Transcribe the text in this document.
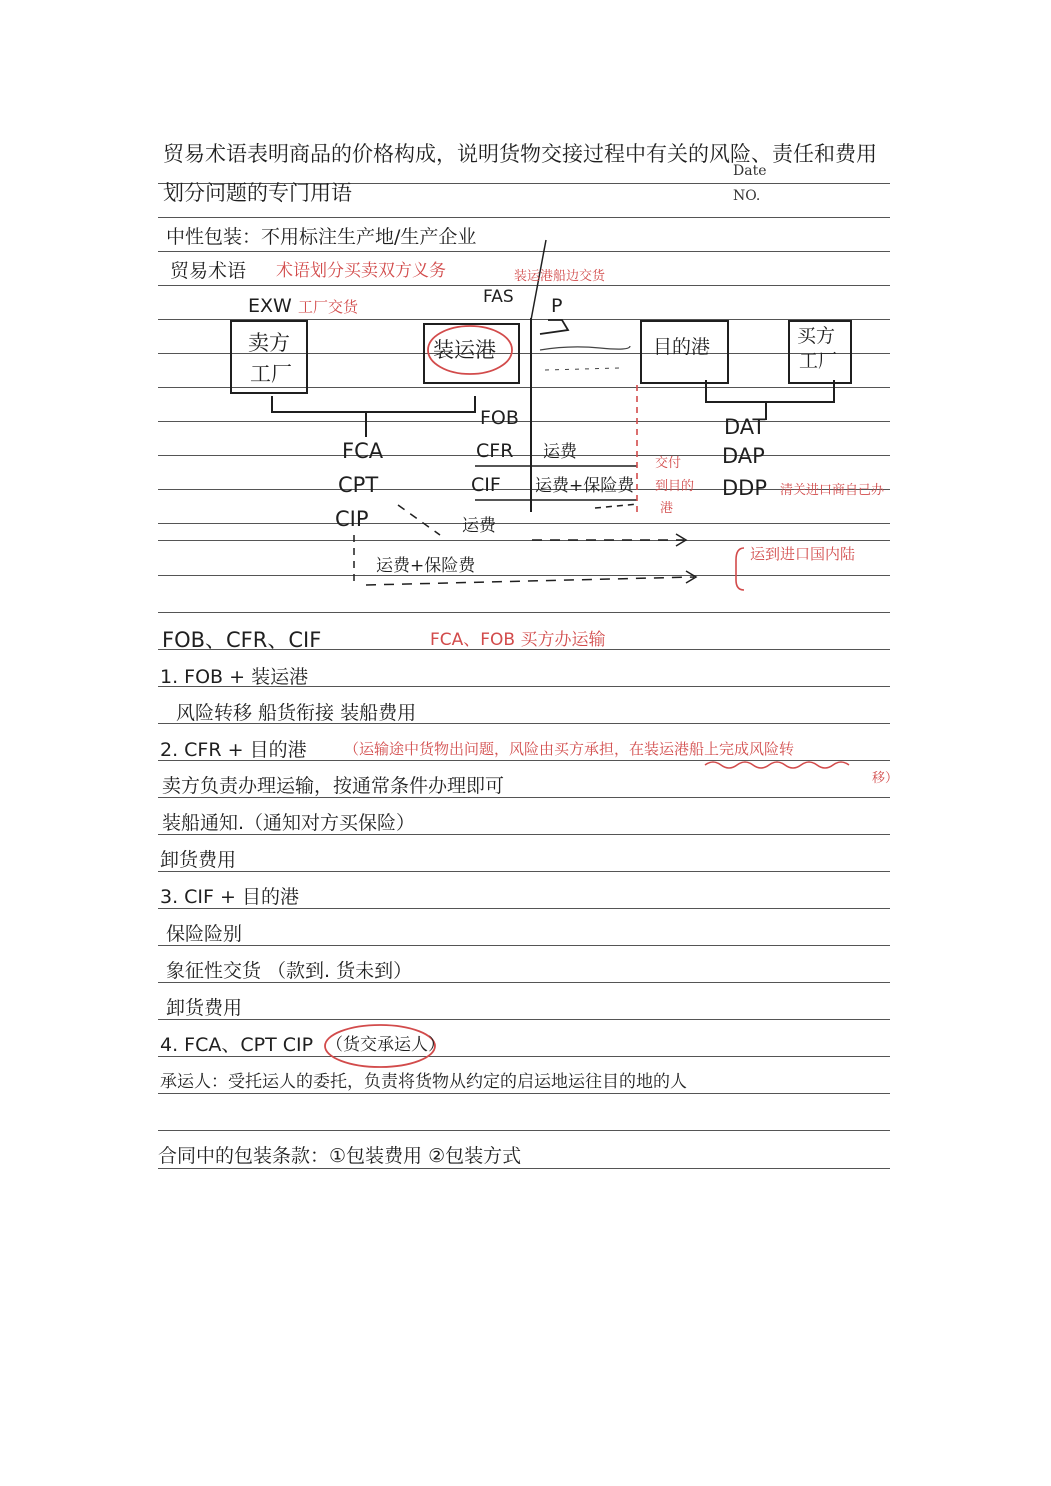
贸易术语表明商品的价格构成，说明货物交接过程中有关的风险、责任和费用
划分问题的专门用语
Date
NO.
中性包装：不用标注生产地/生产企业
贸易术语 术语划分买卖双方义务
EXW 工厂交货	FAS
装运港船边交货
P
卖方
工厂
装运港	目的港	买方
工厂
FOB
CFR
CIF
运费
运费+保险费
交付
到目的
港
FCA
CPT
CIP	运费
运费+保险费
DAT
DAP
DDP 清关进口商自己办
运到进口国内陆
FOB、CFR、CIF	FCA、FOB 买方办运输
1. FOB + 装运港
风险转移 船货衔接 装船费用
2. CFR + 目的港 （运输途中货物出问题，风险由买方承担，在装运港船上完成风险转
移）
卖方负责办理运输，按通常条件办理即可
装船通知.（通知对方买保险）
卸货费用
3. CIF + 目的港
保险险别
象征性交货 （款到. 货未到）
卸货费用
4. FCA、CPT CIP （货交承运人）
承运人：受托运人的委托，负责将货物从约定的启运地运往目的地的人
合同中的包装条款：①包装费用 ②包装方式
